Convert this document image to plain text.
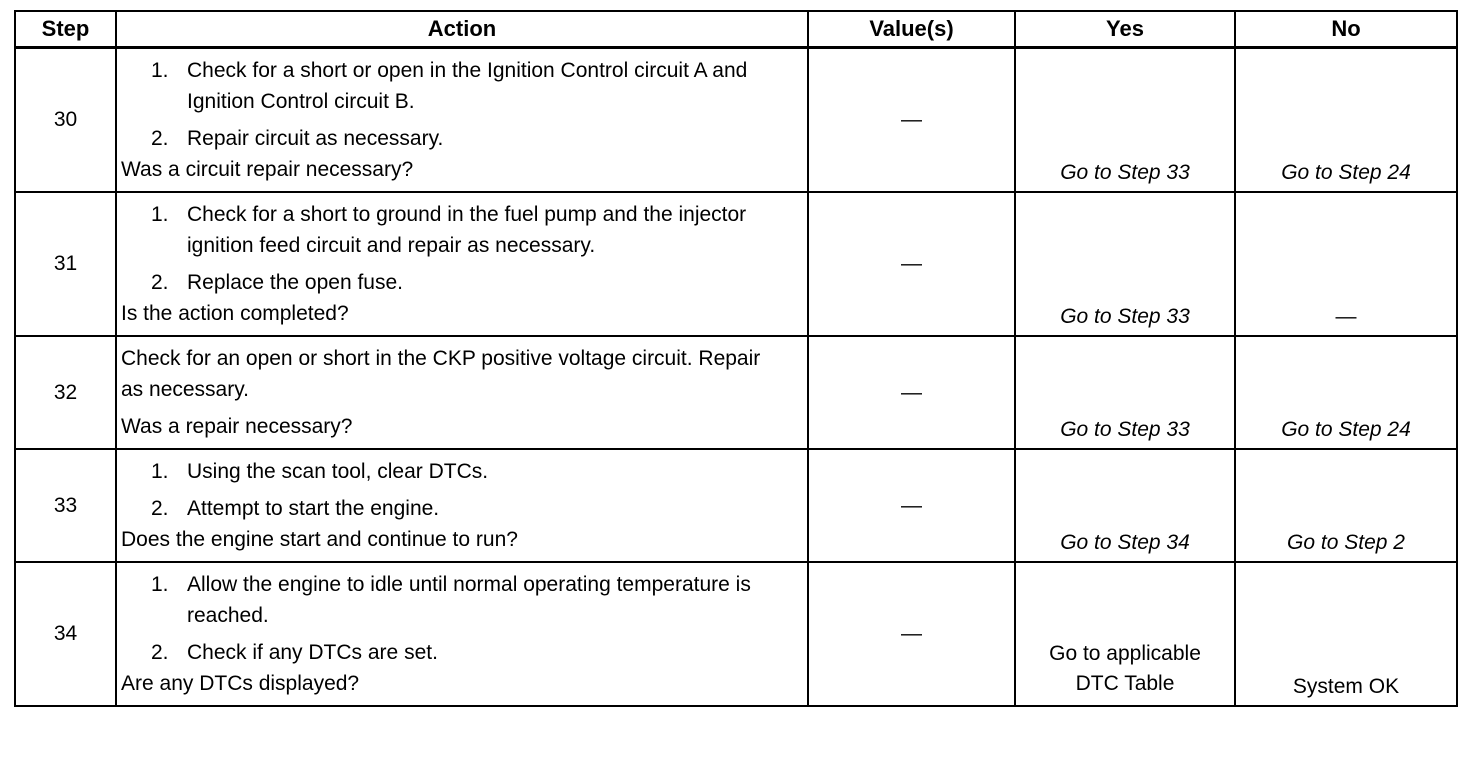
Step	Action	Value(s)	Yes	No
30	1. Check for a short or open in the Ignition Control circuit A and Ignition Control circuit B.
2. Repair circuit as necessary.
Was a circuit repair necessary?	—	Go to Step 33	Go to Step 24
31	1. Check for a short to ground in the fuel pump and the injector ignition feed circuit and repair as necessary.
2. Replace the open fuse.
Is the action completed?	—	Go to Step 33	—
32	Check for an open or short in the CKP positive voltage circuit. Repair as necessary.
Was a repair necessary?	—	Go to Step 33	Go to Step 24
33	1. Using the scan tool, clear DTCs.
2. Attempt to start the engine.
Does the engine start and continue to run?	—	Go to Step 34	Go to Step 2
34	1. Allow the engine to idle until normal operating temperature is reached.
2. Check if any DTCs are set.
Are any DTCs displayed?	—	Go to applicable DTC Table	System OK
